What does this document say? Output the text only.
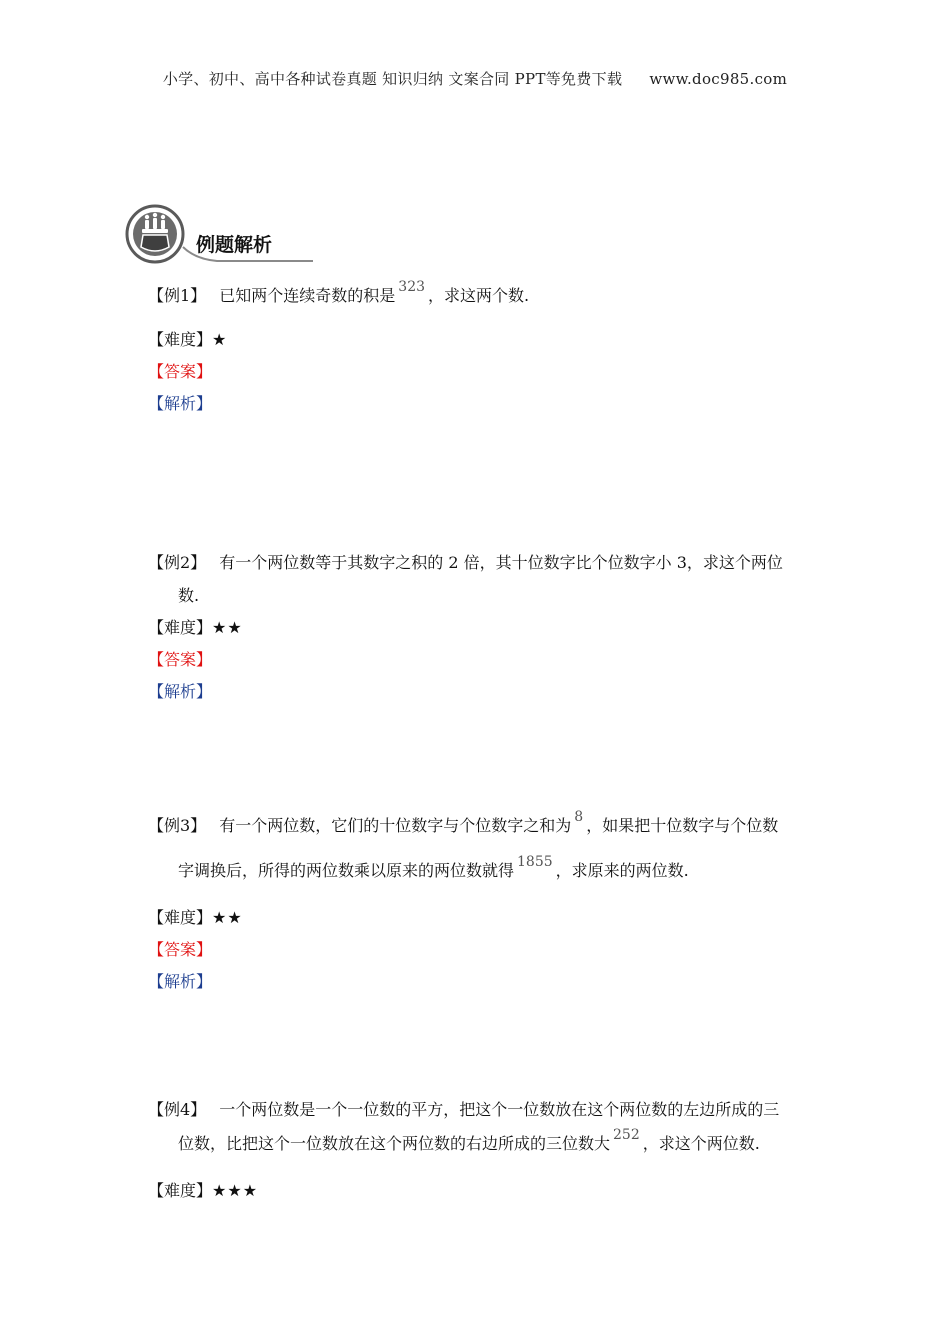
小学、初中、高中各种试卷真题 知识归纳 文案合同 PPT等免费下载 www.doc985.com
例题解析
【例1】 已知两个连续奇数的积是 323 ，求这两个数.
【难度】★
【答案】
【解析】
【例2】 有一个两位数等于其数字之积的 2 倍，其十位数字比个位数字小 3，求这个两位
数.
【难度】★★
【答案】
【解析】
【例3】 有一个两位数，它们的十位数字与个位数字之和为 8 ，如果把十位数字与个位数
字调换后，所得的两位数乘以原来的两位数就得 1855 ，求原来的两位数.
【难度】★★
【答案】
【解析】
【例4】 一个两位数是一个一位数的平方，把这个一位数放在这个两位数的左边所成的三
位数，比把这个一位数放在这个两位数的右边所成的三位数大 252 ，求这个两位数.
【难度】★★★
